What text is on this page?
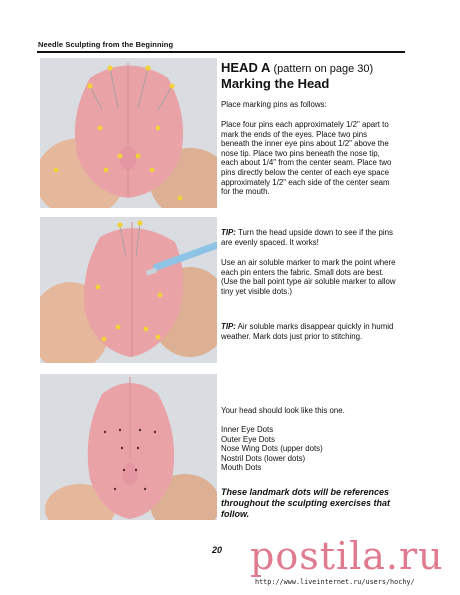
Needle Sculpting from the Beginning
HEAD A (pattern on page 30)
Marking the Head

Place marking pins as follows:

Place four pins each approximately 1/2" apart to mark the ends of the eyes. Place two pins beneath the inner eye pins about 1/2" above the nose tip. Place two pins beneath the nose tip, each about 1/4" from the center seam. Place two pins directly below the center of each eye space approximately 1/2" each side of the center seam for the mouth.

TIP: Turn the head upside down to see if the pins are evenly spaced. It works!

Use an air soluble marker to mark the point where each pin enters the fabric. Small dots are best. (Use the ball point type air soluble marker to allow tiny yet visible dots.)

TIP: Air soluble marks disappear quickly in humid weather. Mark dots just prior to stitching.

Your head should look like this one.

Inner Eye Dots
Outer Eye Dots
Nose Wing Dots (upper dots)
Nostril Dots (lower dots)
Mouth Dots
These landmark dots will be references throughout the sculpting exercises that follow.
20 postila.ru
http://www.liveinternet.ru/users/hochy/
